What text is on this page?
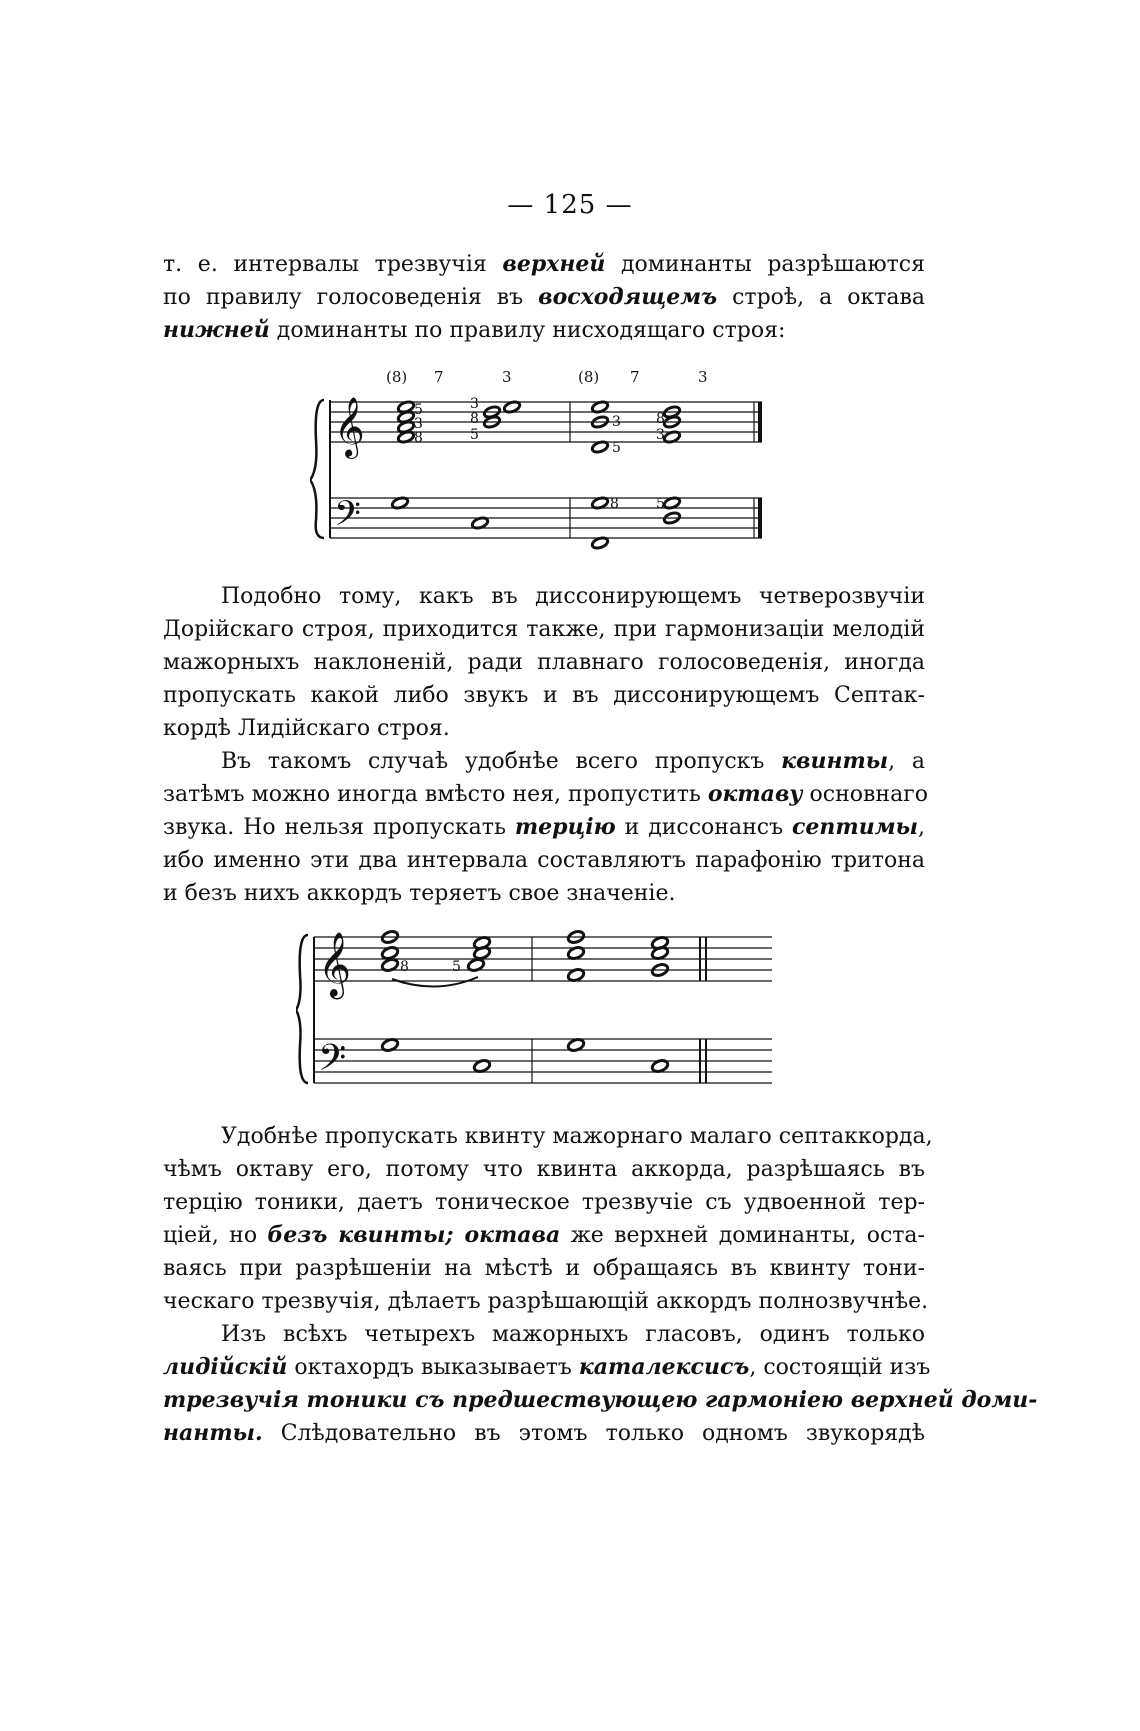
— 125 —
т. е. интервалы трезвучія верхней доминанты разрѣшаются
по правилу голосоведенія въ восходящемъ строѣ, а октава
нижней доминанты по правилу нисходящаго строя:
(8) 7	3	(8) 7	3
𝄞
𝄢
5
3
8
3
8
5
3
5
8
3
8	5
Подобно тому, какъ въ диссонирующемъ четверозвучіи
Дорійскаго строя, приходится также, при гармонизаціи мелодій
мажорныхъ наклоненій, ради плавнаго голосоведенія, иногда
пропускать какой либо звукъ и въ диссонирующемъ Септак-
кордѣ Лидійскаго строя.
Въ такомъ случаѣ удобнѣе всего пропускъ квинты, а
затѣмъ можно иногда вмѣсто нея, пропустить октаву основнаго
звука. Но нельзя пропускать терцію и диссонансъ септимы,
ибо именно эти два интервала составляютъ парафонію тритона
и безъ нихъ аккордъ теряетъ свое значеніе.
𝄞
𝄢
8	5
Удобнѣе пропускать квинту мажорнаго малаго септаккорда,
чѣмъ октаву его, потому что квинта аккорда, разрѣшаясь въ
терцію тоники, даетъ тоническое трезвучіе съ удвоенной тер-
ціей, но безъ квинты; октава же верхней доминанты, оста-
ваясь при разрѣшеніи на мѣстѣ и обращаясь въ квинту тони-
ческаго трезвучія, дѣлаетъ разрѣшающій аккордъ полнозвучнѣе.
Изъ всѣхъ четырехъ мажорныхъ гласовъ, одинъ только
лидійскій октахордъ выказываетъ каталексисъ, состоящій изъ
трезвучія тоники съ предшествующею гармоніею верхней доми-
нанты. Слѣдовательно въ этомъ только одномъ звукорядѣ
